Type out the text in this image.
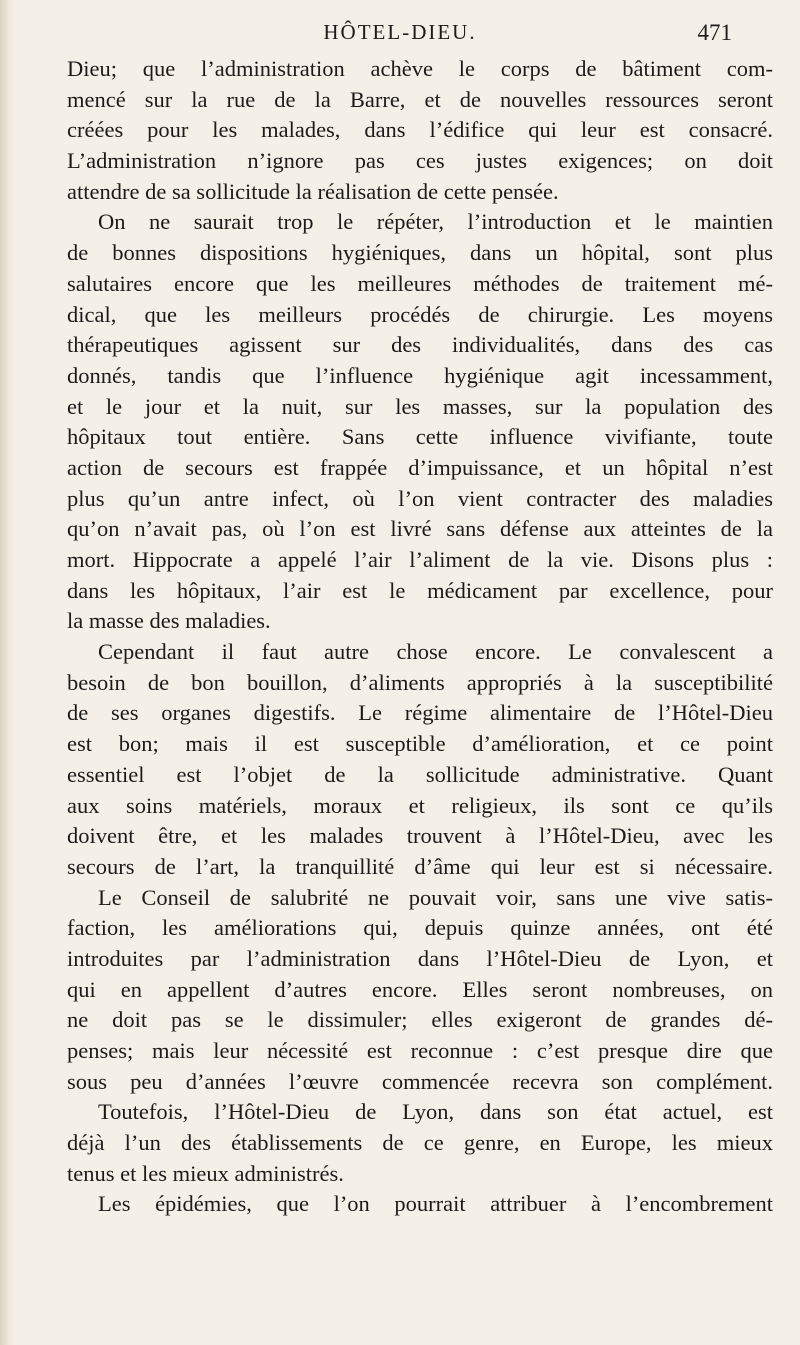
HÔTEL-DIEU.	471
Dieu; que l’administration achève le corps de bâtiment com-
mencé sur la rue de la Barre, et de nouvelles ressources seront
créées pour les malades, dans l’édifice qui leur est consacré.
L’administration n’ignore pas ces justes exigences; on doit
attendre de sa sollicitude la réalisation de cette pensée.
On ne saurait trop le répéter, l’introduction et le maintien
de bonnes dispositions hygiéniques, dans un hôpital, sont plus
salutaires encore que les meilleures méthodes de traitement mé-
dical, que les meilleurs procédés de chirurgie. Les moyens
thérapeutiques agissent sur des individualités, dans des cas
donnés, tandis que l’influence hygiénique agit incessamment,
et le jour et la nuit, sur les masses, sur la population des
hôpitaux tout entière. Sans cette influence vivifiante, toute
action de secours est frappée d’impuissance, et un hôpital n’est
plus qu’un antre infect, où l’on vient contracter des maladies
qu’on n’avait pas, où l’on est livré sans défense aux atteintes de la
mort. Hippocrate a appelé l’air l’aliment de la vie. Disons plus :
dans les hôpitaux, l’air est le médicament par excellence, pour
la masse des maladies.
Cependant il faut autre chose encore. Le convalescent a
besoin de bon bouillon, d’aliments appropriés à la susceptibilité
de ses organes digestifs. Le régime alimentaire de l’Hôtel-Dieu
est bon; mais il est susceptible d’amélioration, et ce point
essentiel est l’objet de la sollicitude administrative. Quant
aux soins matériels, moraux et religieux, ils sont ce qu’ils
doivent être, et les malades trouvent à l’Hôtel-Dieu, avec les
secours de l’art, la tranquillité d’âme qui leur est si nécessaire.
Le Conseil de salubrité ne pouvait voir, sans une vive satis-
faction, les améliorations qui, depuis quinze années, ont été
introduites par l’administration dans l’Hôtel-Dieu de Lyon, et
qui en appellent d’autres encore. Elles seront nombreuses, on
ne doit pas se le dissimuler; elles exigeront de grandes dé-
penses; mais leur nécessité est reconnue : c’est presque dire que
sous peu d’années l’œuvre commencée recevra son complément.
Toutefois, l’Hôtel-Dieu de Lyon, dans son état actuel, est
déjà l’un des établissements de ce genre, en Europe, les mieux
tenus et les mieux administrés.
Les épidémies, que l’on pourrait attribuer à l’encombrement
